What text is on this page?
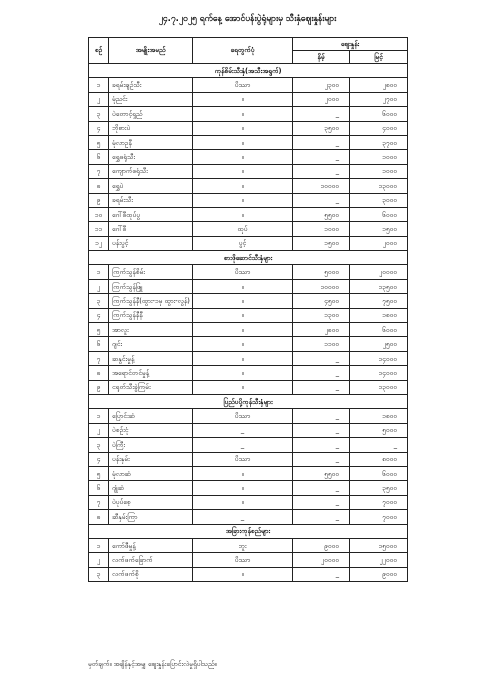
၂၄.၇.၂၀၂၅ ရက်နေ့ အောင်ပန်းပွဲရုံများမှ သီးနှံဈေးနှုန်းများ
စဉ်	အမျိုးအမည်	ရေတွက်ပုံ	ဈေးနှုန်း	
			နိမ့်	မြင့်
ကုန်စိမ်းသီးနှံ(အသီးအရွက်)				
၁	ခရမ်းချဉ်သီး	ပိဿာ	၂၃၀၀	၂၈၀၀
၂	မုံညင်း	။	၂၀၀၀	၂၇၀၀
၃	ပဲတောင့်ရှည်	။	_	၆၀၀၀
၄	ဘိုစားပဲ	။	၃၅၀၀	၄၀၀၀
၅	မုံလာဥနီ	။	_	၃၇၀၀
၆	ရွှေဖရုံသီး	။	_	၁၀၀၀
၇	ကျောက်ဖရုံသီး	။	_	၁၀၀၀
၈	ရွှေပဲ	။	၁၀၀၀၀	၁၃၀၀၀
၉	ခရမ်းသီး	။	_	၃၀၀၀
၁၀	ဂေါ်ဖီထုပ်ပွ	။	၅၅၀၀	၆၀၀၀
၁၁	ဂေါ်ဖီ	ထုပ်	၁၀၀၀	၁၅၀၀
၁၂	ပန်းပွင့်	ပွင့်	၁၅၀၀	၂၀၀၀
စားဖိုဆောင်သီးနှံများ				
၁	ကြက်သွန်စိမ်း	ပိဿာ	၅၀၀၀	၂၀၀၀၀
၂	ကြက်သွန်ဖြူ	။	၁၀၀၀၀	၁၃၅၀၀
၃	ကြက်သွန်နီ(ထွား-၁မှ ထွား-လွန်)	။	၄၅၀၀	၇၅၀၀
၄	ကြက်သွန်နီနီ	။	၁၃၀၀	၁၈၀၀
၅	အာလူး	။	၂၈၀၀	၆၀၀၀
၆	ဂျင်း	။	၁၁၀၀	၂၅၀၀
၇	ဆနွင်းမှုန့်	။	_	၁၄၀၀၀
၈	အရောင်တင်မှုန့်	။	_	၁၄၀၀၀
၉	ငရုတ်သီးခွဲကြမ်း	။	_	၁၃၀၀၀
ပြည်ပပို့ကုန်သီးနှံများ				
၁	ပြောင်းဆံ	ပိဿာ	_	၁၈၀၀
၂	ပဲစဉ်းငုံ	_	_	၅၀၀၀
၃	ပဲကြီး	_	_	_
၄	ပန်းနှမ်း	ပိဿာ	_	၈၀၀၀
၅	မုံလာဆံ	။	၅၅၀၀	၆၀၀၀
၆	ဂျုံဆံ	။	_	၃၅၀၀
၇	ပဲပုပ်စေ့	။	_	၇၀၀၀
၈	ဆီနှမ်းကြာ	_	_	၇၀၀၀
အခြားကုန်စည်များ				
၁	ကော်ဖီမှုန့်	ဘူး	၉၀၀၀	၁၅၀၀၀
၂	လက်ဖက်ခြောက်	ပိဿာ	၂၀၀၀၀	၂၂၀၀၀
၃	လက်ဖက်စို	။	_	၉၀၀၀
မှတ်ချက်။ အချိန်နှင့်အမျှ ဈေးနှုန်းပြောင်းလဲမှုရှိပါသည်။
